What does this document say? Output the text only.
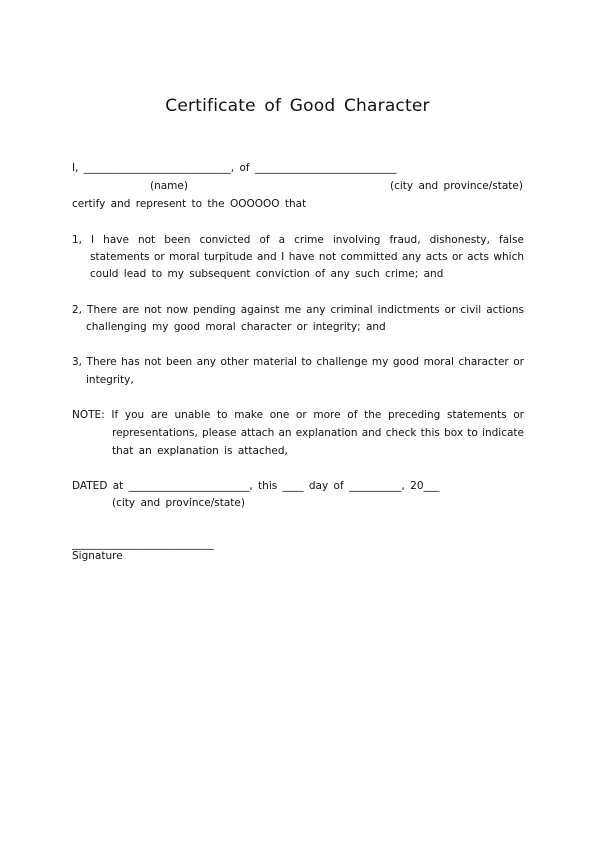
Certificate of Good Character
I, ____________________________, of ___________________________
(name)	(city and province/state)
certify and represent to the OOOOOO that
1, I have not been convicted of a crime involving fraud, dishonesty, false
statements or moral turpitude and I have not committed any acts or acts which
could lead to my subsequent conviction of any such crime; and
2, There are not now pending against me any criminal indictments or civil actions
challenging my good moral character or integrity; and
3, There has not been any other material to challenge my good moral character or
integrity,
NOTE: If you are unable to make one or more of the preceding statements or
representations, please attach an explanation and check this box to indicate
that an explanation is attached,
DATED at _______________________, this ____ day of __________, 20___
(city and province/state)
___________________________
Signature
